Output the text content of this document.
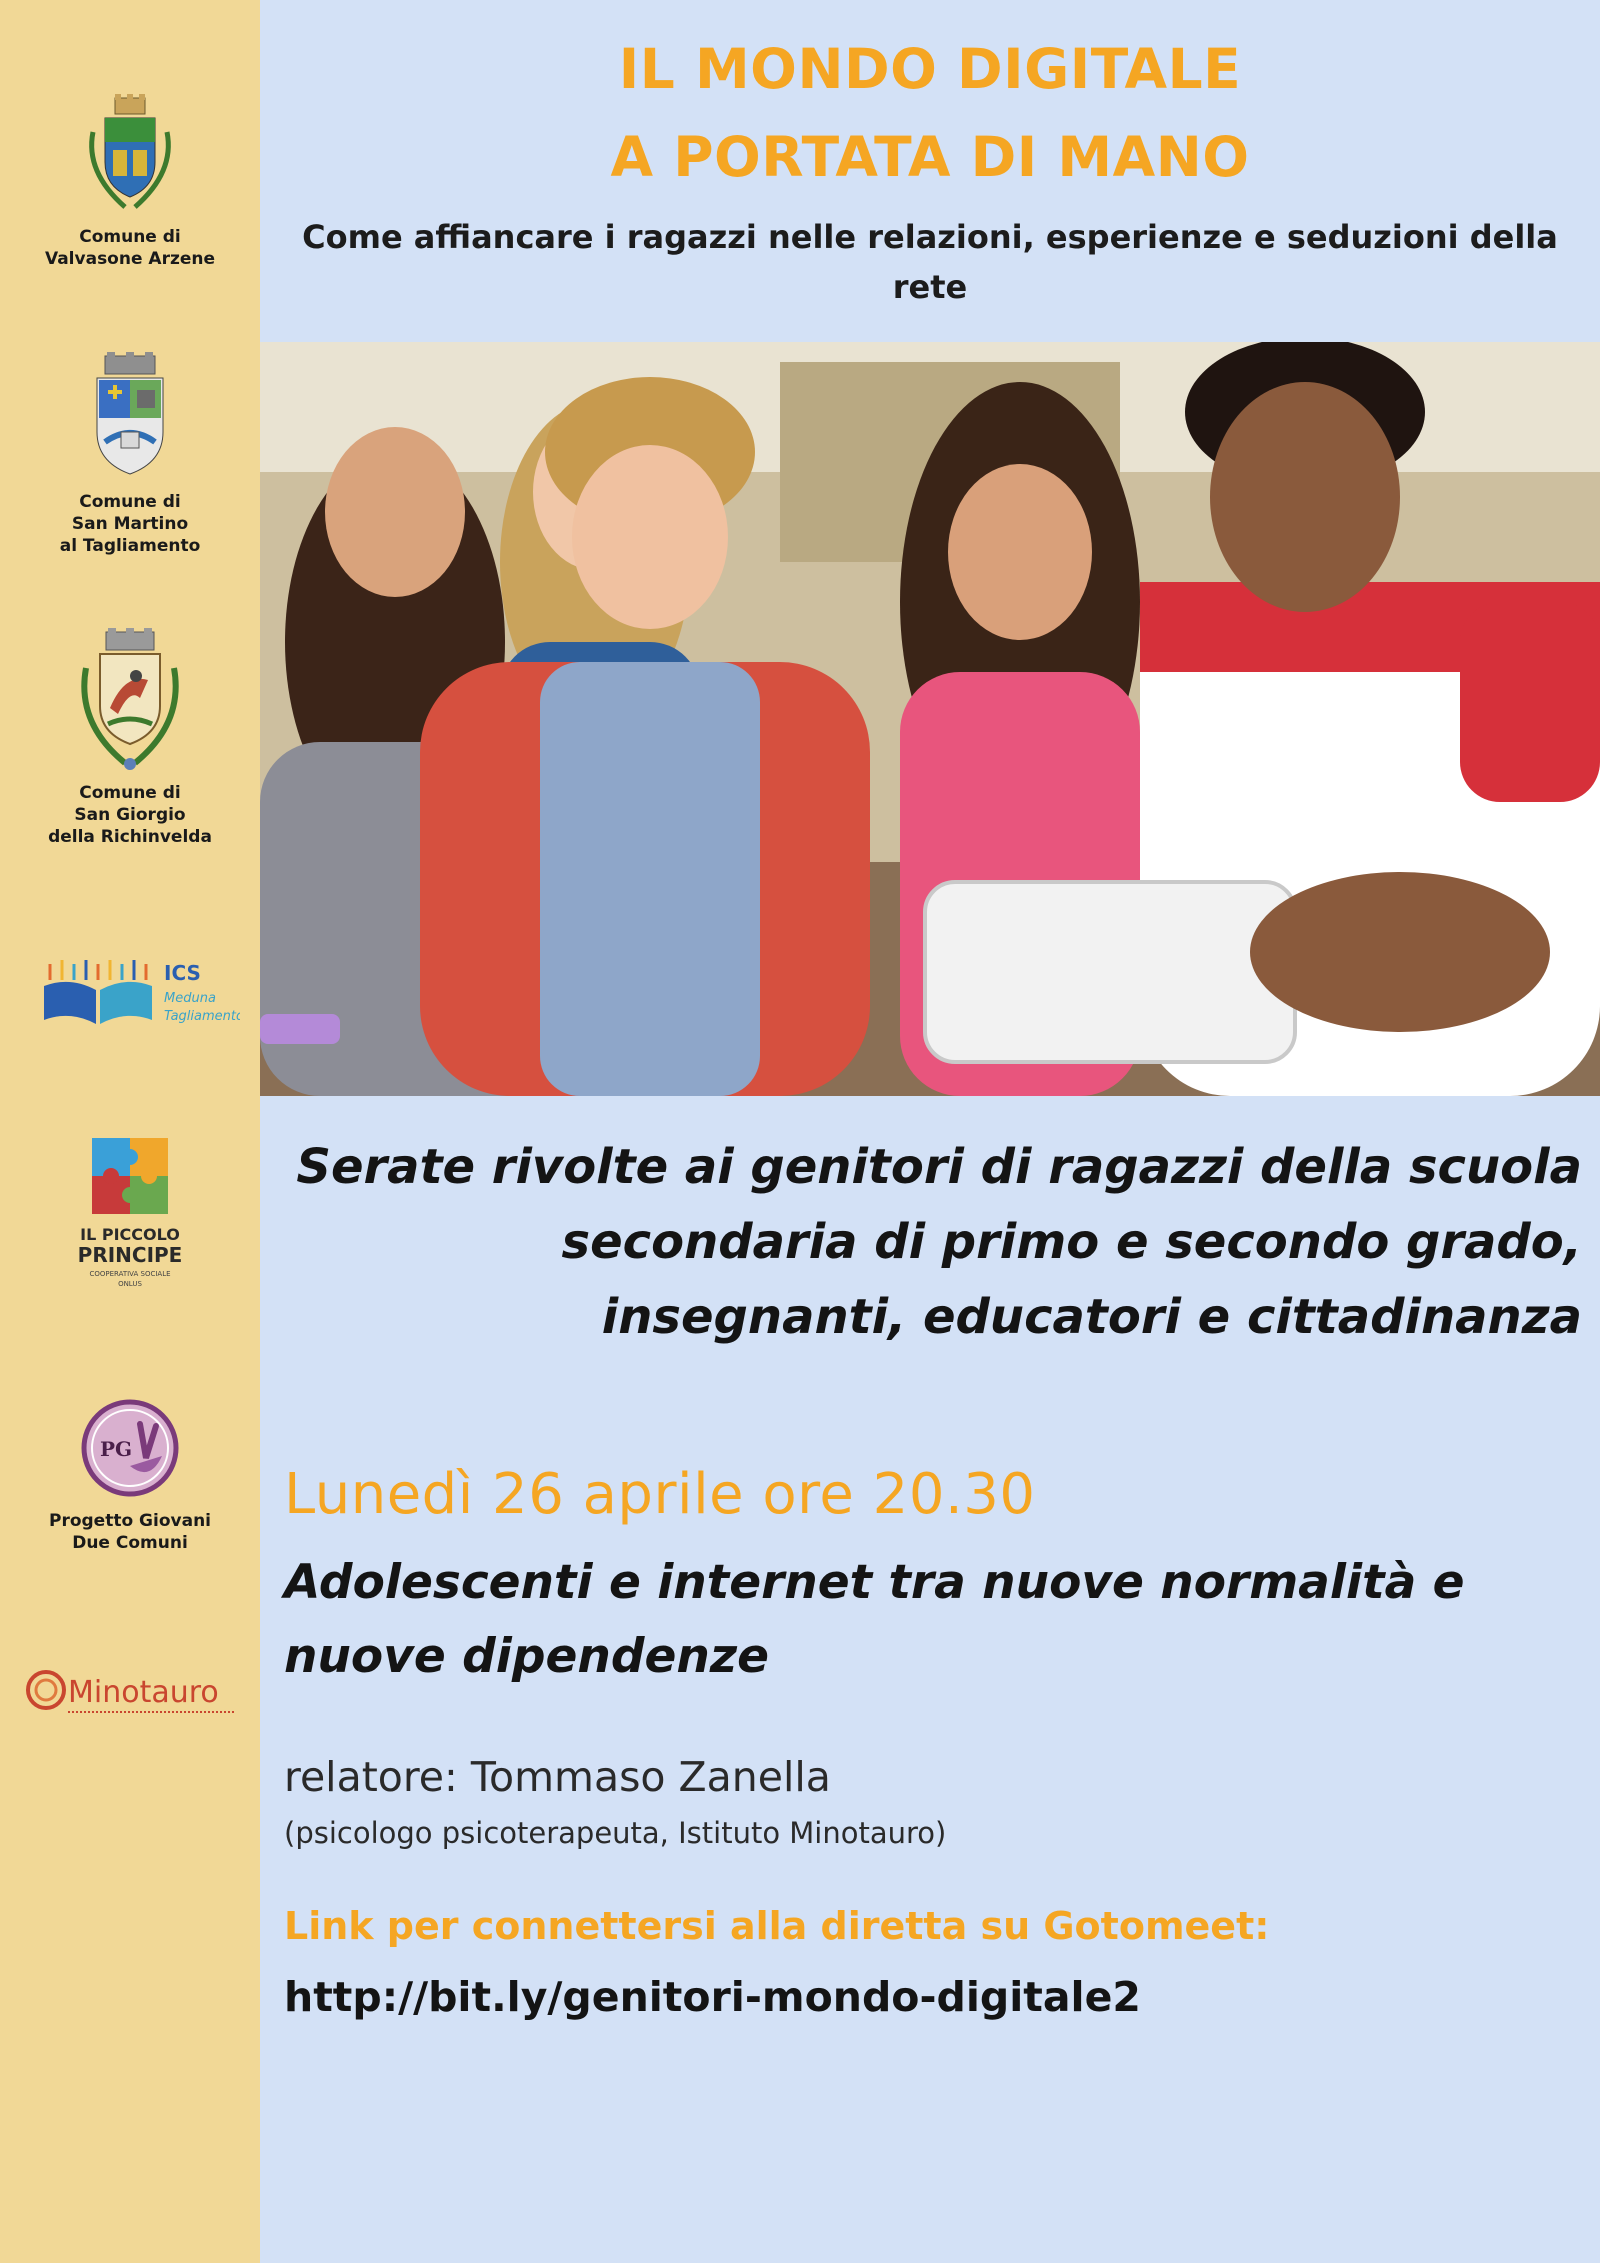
Comune di
Valvasone Arzene
Comune di
San Martino
al Tagliamento
Comune di
San Giorgio
della Richinvelda
ICS
Meduna
Tagliamento
IL PICCOLO
PRINCIPE
COOPERATIVA SOCIALE
ONLUS
PG
Progetto Giovani
Due Comuni
Minotauro
IL MONDO DIGITALE
A PORTATA DI MANO
Come affiancare i ragazzi nelle relazioni, esperienze e seduzioni della rete
Serate rivolte ai genitori di ragazzi della scuola secondaria di primo e secondo grado, insegnanti, educatori e cittadinanza
Lunedì 26 aprile ore 20.30
Adolescenti e internet tra nuove normalità e nuove dipendenze
relatore: Tommaso Zanella
(psicologo psicoterapeuta, Istituto Minotauro)
Link per connettersi alla diretta su Gotomeet:
http://bit.ly/genitori-mondo-digitale2
